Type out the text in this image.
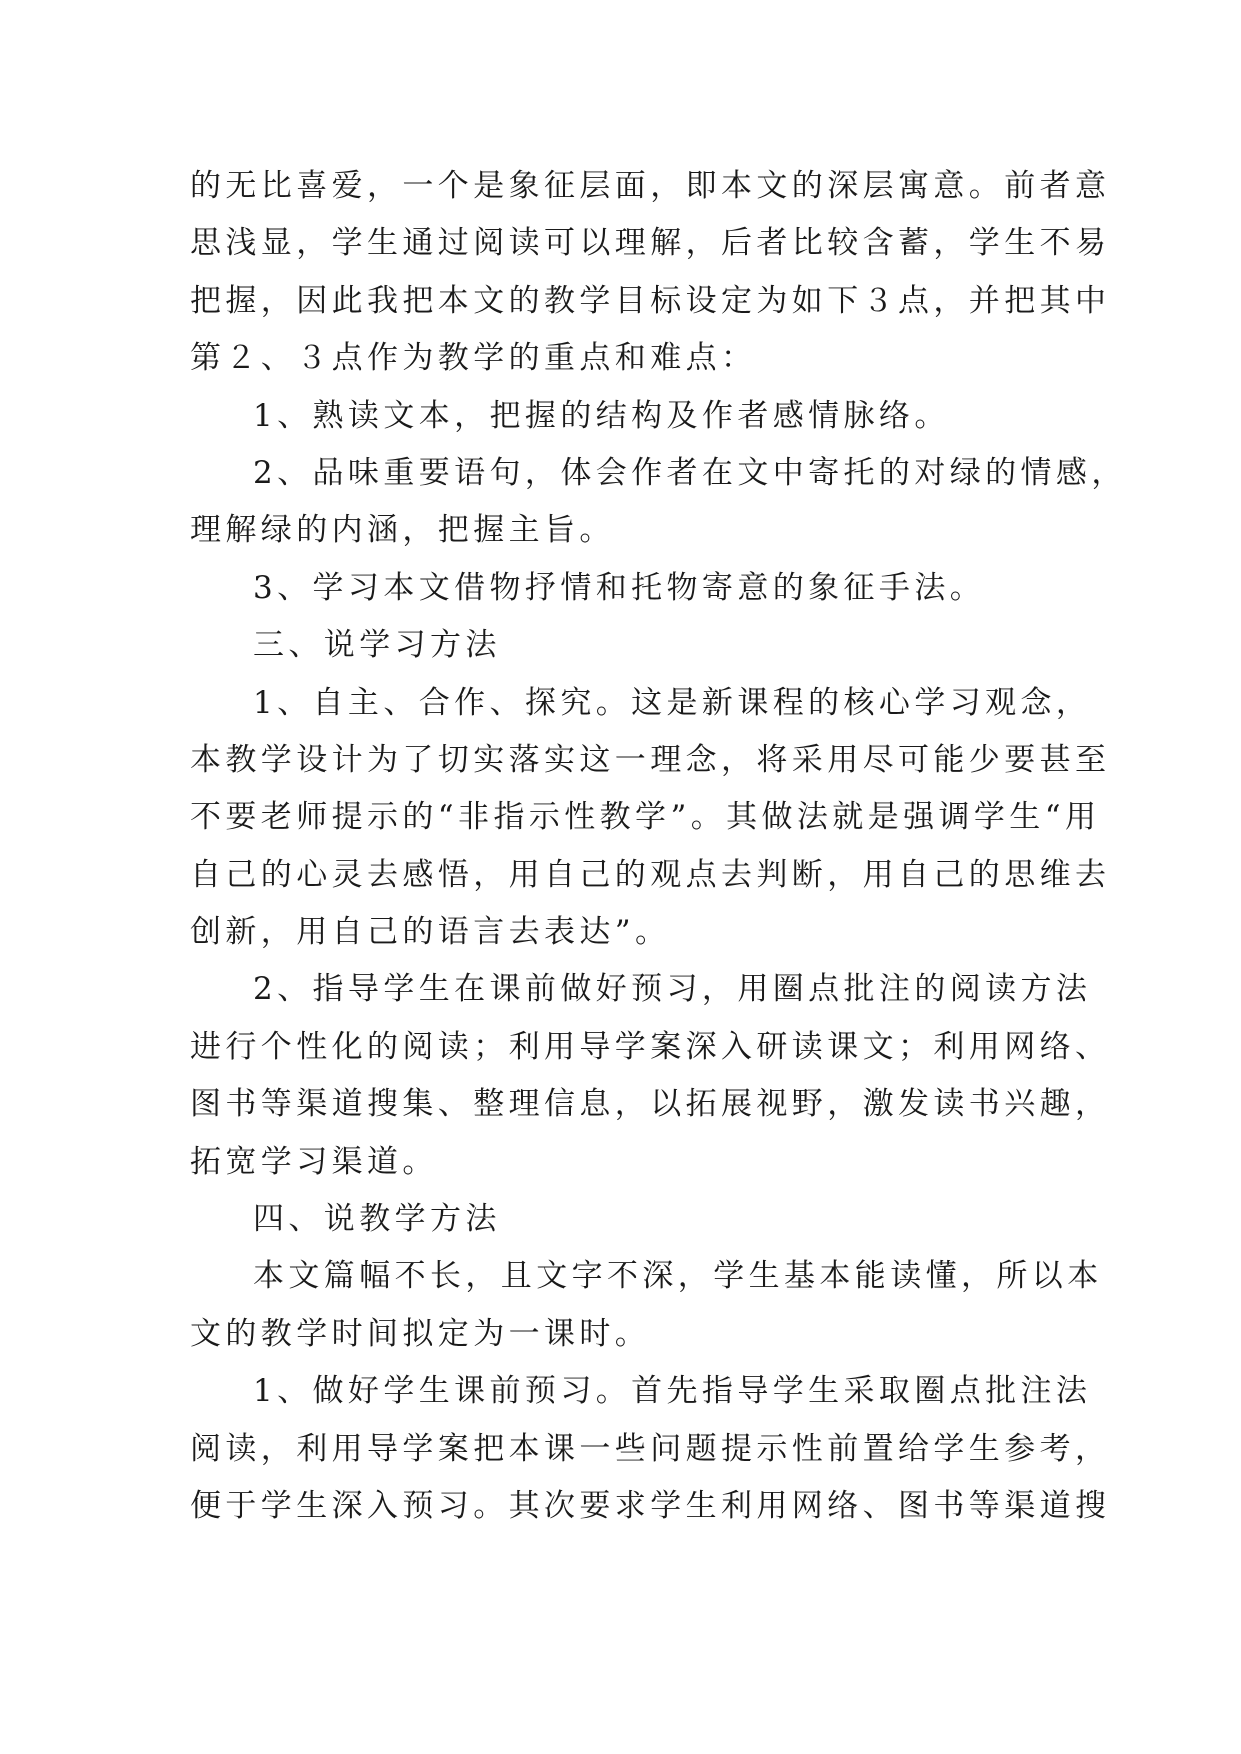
的无比喜爱，一个是象征层面，即本文的深层寓意。前者意
思浅显，学生通过阅读可以理解，后者比较含蓄，学生不易
把握，因此我把本文的教学目标设定为如下３点，并把其中
第２、３点作为教学的重点和难点：
1、熟读文本，把握的结构及作者感情脉络。
2、品味重要语句，体会作者在文中寄托的对绿的情感，
理解绿的内涵，把握主旨。
3、学习本文借物抒情和托物寄意的象征手法。
三、说学习方法
1、自主、合作、探究。这是新课程的核心学习观念，
本教学设计为了切实落实这一理念，将采用尽可能少要甚至
不要老师提示的“非指示性教学”。其做法就是强调学生“用
自己的心灵去感悟，用自己的观点去判断，用自己的思维去
创新，用自己的语言去表达”。
2、指导学生在课前做好预习，用圈点批注的阅读方法
进行个性化的阅读；利用导学案深入研读课文；利用网络、
图书等渠道搜集、整理信息，以拓展视野，激发读书兴趣，
拓宽学习渠道。
四、说教学方法
本文篇幅不长，且文字不深，学生基本能读懂，所以本
文的教学时间拟定为一课时。
1、做好学生课前预习。首先指导学生采取圈点批注法
阅读，利用导学案把本课一些问题提示性前置给学生参考，
便于学生深入预习。其次要求学生利用网络、图书等渠道搜
